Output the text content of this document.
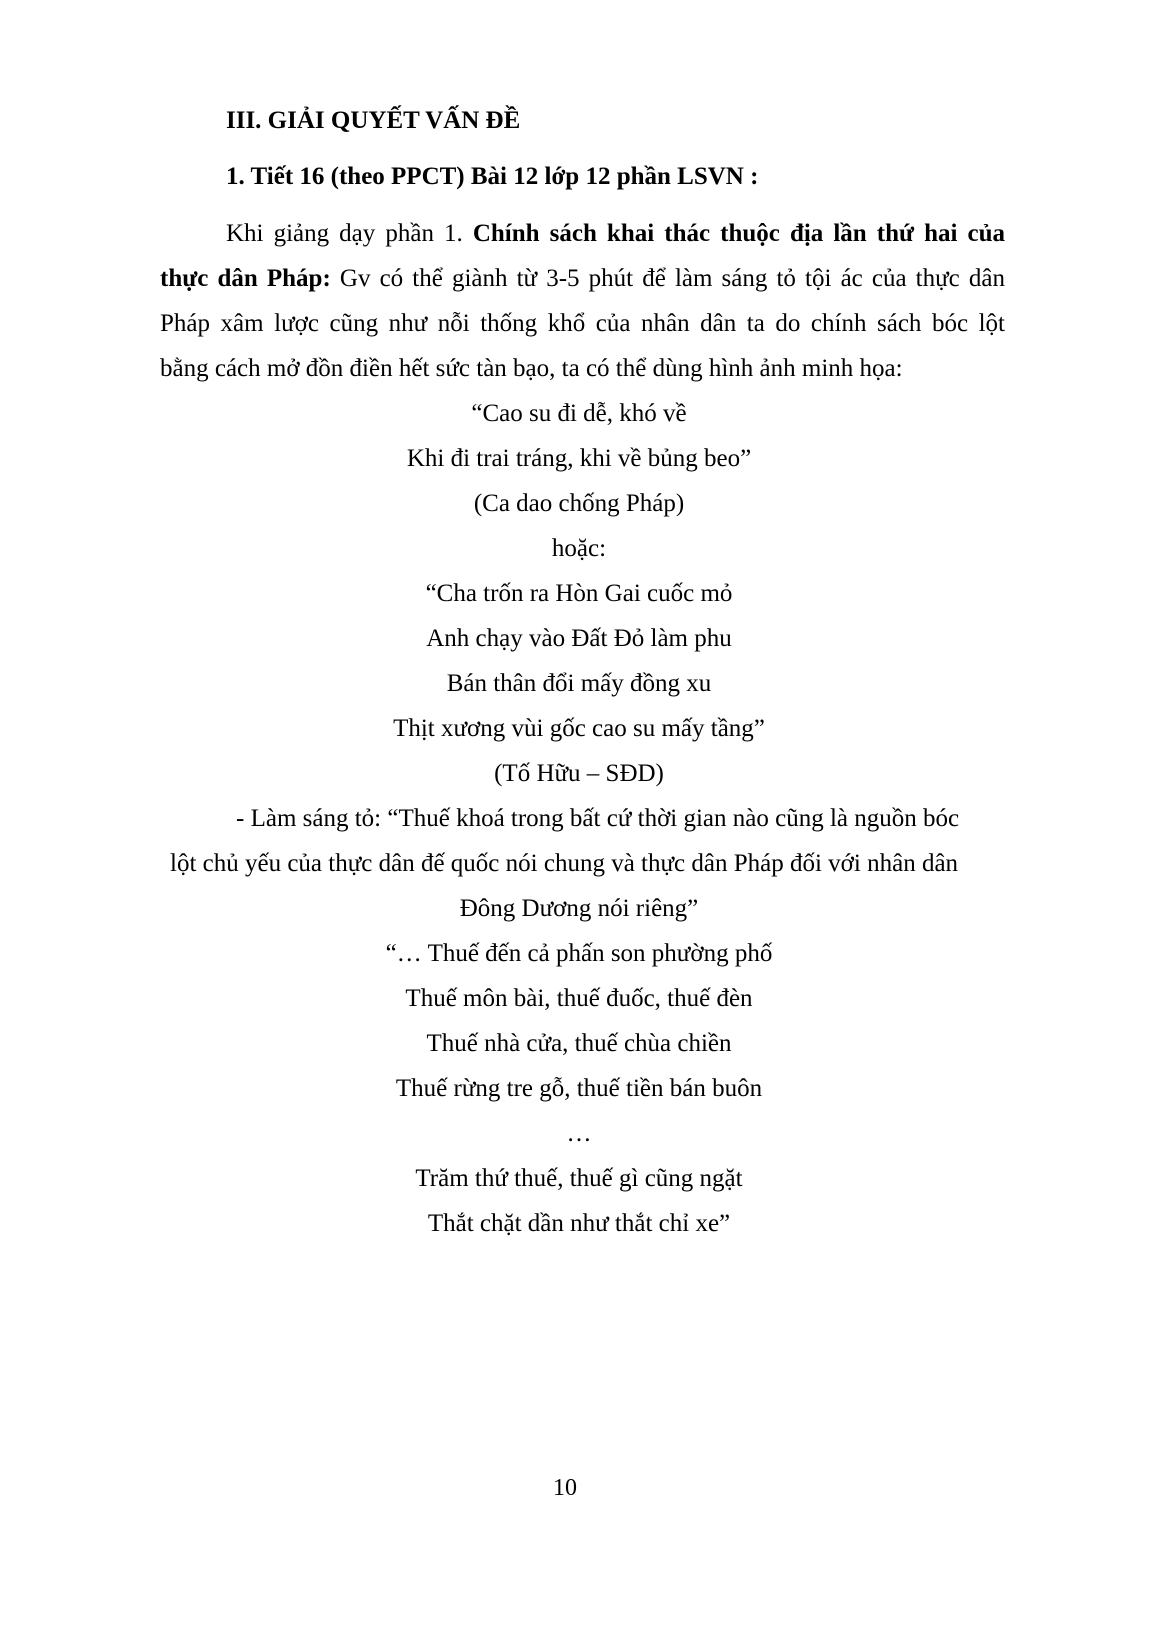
III. GIẢI QUYẾT VẤN ĐỀ
1. Tiết 16 (theo PPCT) Bài 12 lớp 12 phần LSVN :
Khi giảng dạy phần 1. Chính sách khai thác thuộc địa lần thứ hai của
thực dân Pháp: Gv có thể giành từ 3-5 phút để làm sáng tỏ tội ác của thực dân
Pháp xâm lược cũng như nỗi thống khổ của nhân dân ta do chính sách bóc lột
bằng cách mở đồn điền hết sức tàn bạo, ta có thể dùng hình ảnh minh họa:
“Cao su đi dễ, khó về
Khi đi trai tráng, khi về bủng beo”
(Ca dao chống Pháp)
hoặc:
“Cha trốn ra Hòn Gai cuốc mỏ
Anh chạy vào Đất Đỏ làm phu
Bán thân đổi mấy đồng xu
Thịt xương vùi gốc cao su mấy tầng”
(Tố Hữu – SĐD)
- Làm sáng tỏ: “Thuế khoá trong bất cứ thời gian nào cũng là nguồn bóc
lột chủ yếu của thực dân đế quốc nói chung và thực dân Pháp đối với nhân dân
Đông Dương nói riêng”
“… Thuế đến cả phấn son phường phố
Thuế môn bài, thuế đuốc, thuế đèn
Thuế nhà cửa, thuế chùa chiền
Thuế rừng tre gỗ, thuế tiền bán buôn
…
Trăm thứ thuế, thuế gì cũng ngặt
Thắt chặt dần như thắt chỉ xe”
10
